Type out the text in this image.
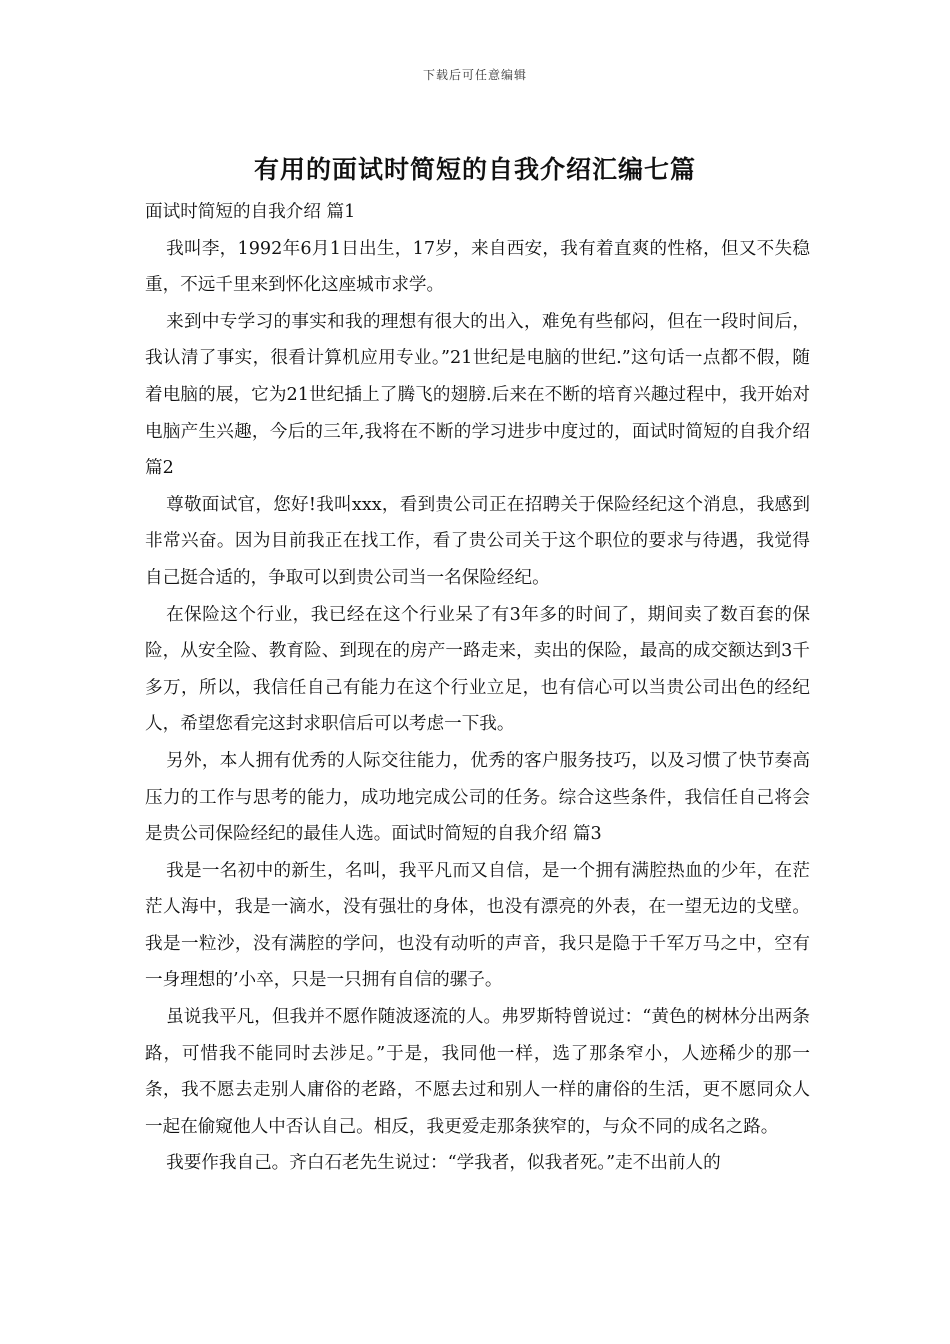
下载后可任意编辑
有用的面试时简短的自我介绍汇编七篇

面试时简短的自我介绍 篇1

我叫李，1992年6月1日出生，17岁，来自西安，我有着直爽的性格，但又不失稳重，不远千里来到怀化这座城市求学。

来到中专学习的事实和我的理想有很大的出入，难免有些郁闷，但在一段时间后，我认清了事实，很看计算机应用专业。”21世纪是电脑的世纪.”这句话一点都不假，随着电脑的展，它为21世纪插上了腾飞的翅膀.后来在不断的培育兴趣过程中，我开始对电脑产生兴趣，今后的三年,我将在不断的学习进步中度过的，面试时简短的自我介绍 篇2

尊敬面试官，您好!我叫xxx，看到贵公司正在招聘关于保险经纪这个消息，我感到非常兴奋。因为目前我正在找工作，看了贵公司关于这个职位的要求与待遇，我觉得自己挺合适的，争取可以到贵公司当一名保险经纪。

在保险这个行业，我已经在这个行业呆了有3年多的时间了，期间卖了数百套的保险，从安全险、教育险、到现在的房产一路走来，卖出的保险，最高的成交额达到3千多万，所以，我信任自己有能力在这个行业立足，也有信心可以当贵公司出色的经纪人，希望您看完这封求职信后可以考虑一下我。

另外，本人拥有优秀的人际交往能力，优秀的客户服务技巧，以及习惯了快节奏高压力的工作与思考的能力，成功地完成公司的任务。综合这些条件，我信任自己将会是贵公司保险经纪的最佳人选。面试时简短的自我介绍 篇3

我是一名初中的新生，名叫，我平凡而又自信，是一个拥有满腔热血的少年，在茫茫人海中，我是一滴水，没有强壮的身体，也没有漂亮的外表，在一望无边的戈壁。我是一粒沙，没有满腔的学问，也没有动听的声音，我只是隐于千军万马之中，空有一身理想的’小卒，只是一只拥有自信的骡子。

虽说我平凡，但我并不愿作随波逐流的人。弗罗斯特曾说过：“黄色的树林分出两条路，可惜我不能同时去涉足。”于是，我同他一样，选了那条窄小，人迹稀少的那一条，我不愿去走别人庸俗的老路，不愿去过和别人一样的庸俗的生活，更不愿同众人一起在偷窥他人中否认自己。相反，我更爱走那条狭窄的，与众不同的成名之路。

我要作我自己。齐白石老先生说过：“学我者，似我者死。”走不出前人的
